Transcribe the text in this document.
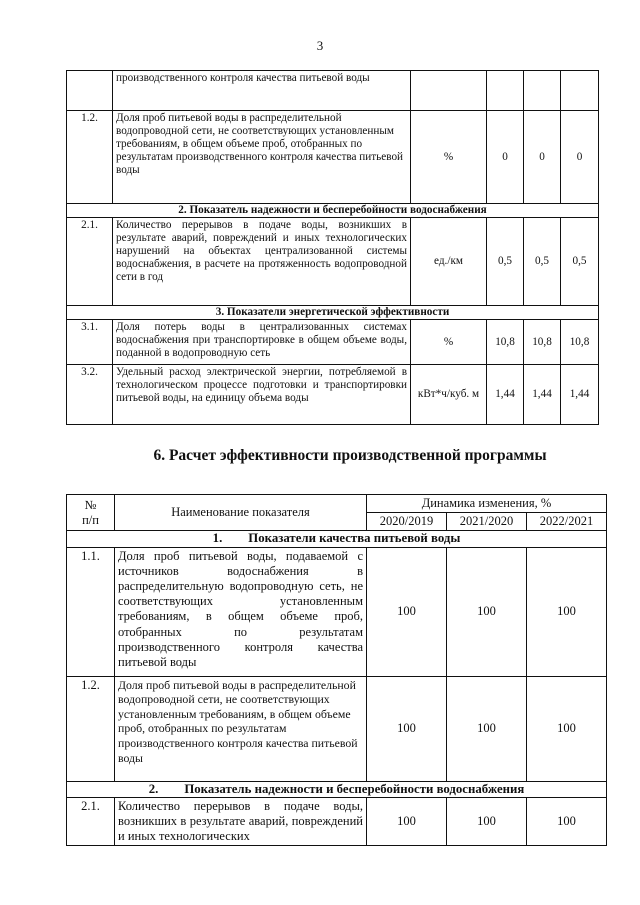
3
	производственного контроля качества питьевой воды				
1.2.	Доля проб питьевой воды в распределительной водопроводной сети, не соответствующих установленным требованиям, в общем объеме проб, отобранных по результатам производственного контроля качества питьевой воды	%	0	0	0
2. Показатель надежности и бесперебойности водоснабжения					
2.1.	Количество перерывов в подаче воды, возникших в результате аварий, повреждений и иных технологических нарушений на объектах централизованной системы водоснабжения, в расчете на протяженность водопроводной сети в год	ед./км	0,5	0,5	0,5
3. Показатели энергетической эффективности					
3.1.	Доля потерь воды в централизованных системах водоснабжения при транспортировке в общем объеме воды, поданной в водопроводную сеть	%	10,8	10,8	10,8
3.2.	Удельный расход электрической энергии, потребляемой в технологическом процессе подготовки и транспортировки питьевой воды, на единицу объема воды	кВт*ч/куб. м	1,44	1,44	1,44
6. Расчет эффективности производственной программы
№
п/п	Наименование показателя	Динамика изменения, %		
		2020/2019	2021/2020	2022/2021
1. Показатели качества питьевой воды				
1.1.	Доля проб питьевой воды, подаваемой с источников водоснабжения в распределительную водопроводную сеть, не соответствующих установленным требованиям, в общем объеме проб, отобранных по результатам производственного контроля качества питьевой воды	100	100	100
1.2.	Доля проб питьевой воды в распределительной водопроводной сети, не соответствующих установленным требованиям, в общем объеме проб, отобранных по результатам производственного контроля качества питьевой воды	100	100	100
2. Показатель надежности и бесперебойности водоснабжения				
2.1.	Количество перерывов в подаче воды, возникших в результате аварий, повреждений и иных технологических	100	100	100
